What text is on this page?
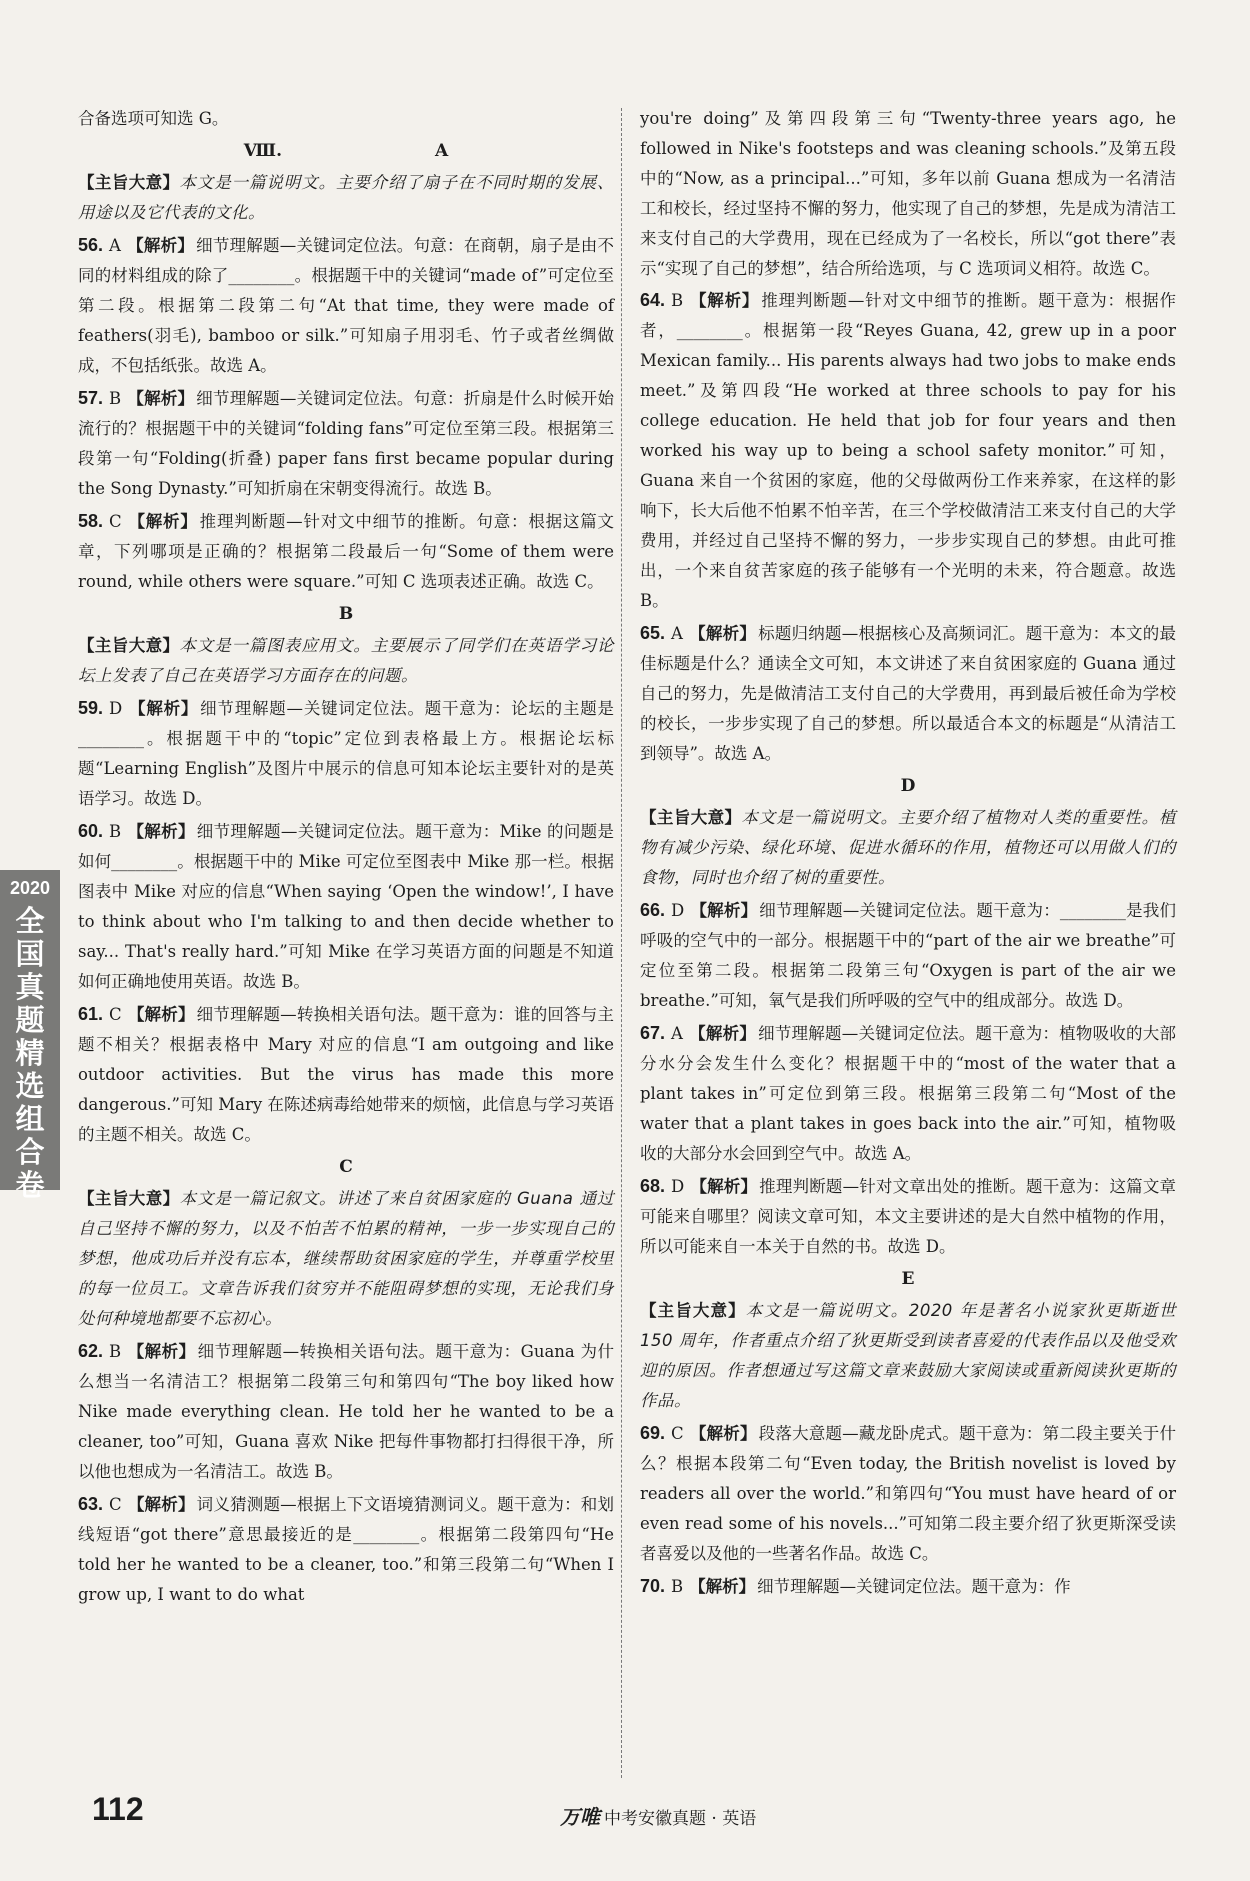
合备选项可知选 G。
Ⅷ.　　　　　　　　　A
【主旨大意】本文是一篇说明文。主要介绍了扇子在不同时期的发展、用途以及它代表的文化。
56. A 【解析】 细节理解题—关键词定位法。句意：在商朝，扇子是由不同的材料组成的除了________。根据题干中的关键词“made of”可定位至第二段。根据第二段第二句“At that time, they were made of feathers(羽毛), bamboo or silk.”可知扇子用羽毛、竹子或者丝绸做成，不包括纸张。故选 A。
57. B 【解析】 细节理解题—关键词定位法。句意：折扇是什么时候开始流行的？根据题干中的关键词“folding fans”可定位至第三段。根据第三段第一句“Folding(折叠) paper fans first became popular during the Song Dynasty.”可知折扇在宋朝变得流行。故选 B。
58. C 【解析】 推理判断题—针对文中细节的推断。句意：根据这篇文章，下列哪项是正确的？根据第二段最后一句“Some of them were round, while others were square.”可知 C 选项表述正确。故选 C。
B
【主旨大意】本文是一篇图表应用文。主要展示了同学们在英语学习论坛上发表了自己在英语学习方面存在的问题。
59. D 【解析】 细节理解题—关键词定位法。题干意为：论坛的主题是________。根据题干中的“topic”定位到表格最上方。根据论坛标题“Learning English”及图片中展示的信息可知本论坛主要针对的是英语学习。故选 D。
60. B 【解析】 细节理解题—关键词定位法。题干意为：Mike 的问题是如何________。根据题干中的 Mike 可定位至图表中 Mike 那一栏。根据图表中 Mike 对应的信息“When saying ‘Open the window!’, I have to think about who I'm talking to and then decide whether to say... That's really hard.”可知 Mike 在学习英语方面的问题是不知道如何正确地使用英语。故选 B。
61. C 【解析】 细节理解题—转换相关语句法。题干意为：谁的回答与主题不相关？根据表格中 Mary 对应的信息“I am outgoing and like outdoor activities. But the virus has made this more dangerous.”可知 Mary 在陈述病毒给她带来的烦恼，此信息与学习英语的主题不相关。故选 C。
C
【主旨大意】本文是一篇记叙文。讲述了来自贫困家庭的 Guana 通过自己坚持不懈的努力，以及不怕苦不怕累的精神，一步一步实现自己的梦想，他成功后并没有忘本，继续帮助贫困家庭的学生，并尊重学校里的每一位员工。文章告诉我们贫穷并不能阻碍梦想的实现，无论我们身处何种境地都要不忘初心。
62. B 【解析】 细节理解题—转换相关语句法。题干意为：Guana 为什么想当一名清洁工？根据第二段第三句和第四句“The boy liked how Nike made everything clean. He told her he wanted to be a cleaner, too”可知，Guana 喜欢 Nike 把每件事物都打扫得很干净，所以他也想成为一名清洁工。故选 B。
63. C 【解析】 词义猜测题—根据上下文语境猜测词义。题干意为：和划线短语“got there”意思最接近的是________。根据第二段第四句“He told her he wanted to be a cleaner, too.”和第三段第二句“When I grow up, I want to do what
you're doing”及第四段第三句“Twenty-three years ago, he followed in Nike's footsteps and was cleaning schools.”及第五段中的“Now, as a principal...”可知，多年以前 Guana 想成为一名清洁工和校长，经过坚持不懈的努力，他实现了自己的梦想，先是成为清洁工来支付自己的大学费用，现在已经成为了一名校长，所以“got there”表示“实现了自己的梦想”，结合所给选项，与 C 选项词义相符。故选 C。
64. B 【解析】 推理判断题—针对文中细节的推断。题干意为：根据作者，________。根据第一段“Reyes Guana, 42, grew up in a poor Mexican family... His parents always had two jobs to make ends meet.”及第四段“He worked at three schools to pay for his college education. He held that job for four years and then worked his way up to being a school safety monitor.”可知，Guana 来自一个贫困的家庭，他的父母做两份工作来养家，在这样的影响下，长大后他不怕累不怕辛苦，在三个学校做清洁工来支付自己的大学费用，并经过自己坚持不懈的努力，一步步实现自己的梦想。由此可推出，一个来自贫苦家庭的孩子能够有一个光明的未来，符合题意。故选 B。
65. A 【解析】 标题归纳题—根据核心及高频词汇。题干意为：本文的最佳标题是什么？通读全文可知，本文讲述了来自贫困家庭的 Guana 通过自己的努力，先是做清洁工支付自己的大学费用，再到最后被任命为学校的校长，一步步实现了自己的梦想。所以最适合本文的标题是“从清洁工到领导”。故选 A。
D
【主旨大意】本文是一篇说明文。主要介绍了植物对人类的重要性。植物有减少污染、绿化环境、促进水循环的作用，植物还可以用做人们的食物，同时也介绍了树的重要性。
66. D 【解析】 细节理解题—关键词定位法。题干意为：________是我们呼吸的空气中的一部分。根据题干中的“part of the air we breathe”可定位至第二段。根据第二段第三句“Oxygen is part of the air we breathe.”可知，氧气是我们所呼吸的空气中的组成部分。故选 D。
67. A 【解析】 细节理解题—关键词定位法。题干意为：植物吸收的大部分水分会发生什么变化？根据题干中的“most of the water that a plant takes in”可定位到第三段。根据第三段第二句“Most of the water that a plant takes in goes back into the air.”可知，植物吸收的大部分水会回到空气中。故选 A。
68. D 【解析】 推理判断题—针对文章出处的推断。题干意为：这篇文章可能来自哪里？阅读文章可知，本文主要讲述的是大自然中植物的作用，所以可能来自一本关于自然的书。故选 D。
E
【主旨大意】本文是一篇说明文。2020 年是著名小说家狄更斯逝世 150 周年，作者重点介绍了狄更斯受到读者喜爱的代表作品以及他受欢迎的原因。作者想通过写这篇文章来鼓励大家阅读或重新阅读狄更斯的作品。
69. C 【解析】 段落大意题—藏龙卧虎式。题干意为：第二段主要关于什么？根据本段第二句“Even today, the British novelist is loved by readers all over the world.”和第四句“You must have heard of or even read some of his novels...”可知第二段主要介绍了狄更斯深受读者喜爱以及他的一些著名作品。故选 C。
70. B 【解析】 细节理解题—关键词定位法。题干意为：作
2020
全国真题精选组合卷
112	万唯 中考安徽真题 · 英语
